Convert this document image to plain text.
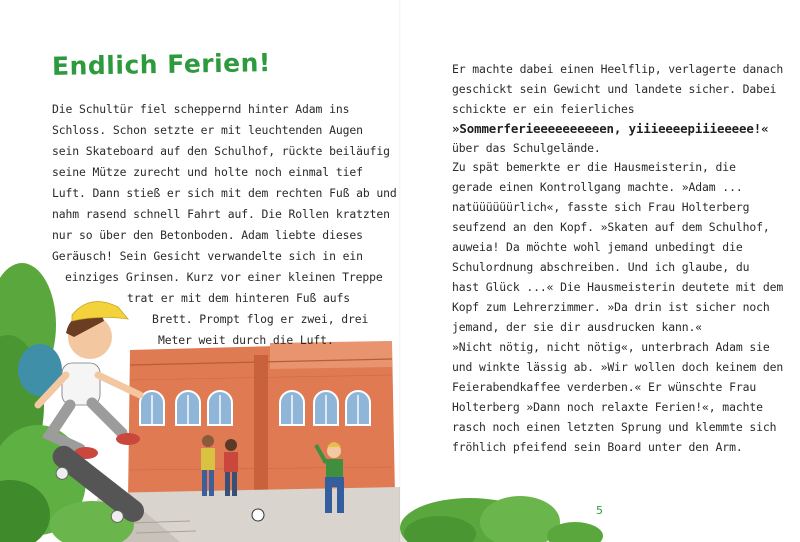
Endlich Ferien!
Die Schultür fiel scheppernd hinter Adam ins
Schloss. Schon setzte er mit leuchtenden Augen
sein Skateboard auf den Schulhof, rückte beiläufig
seine Mütze zurecht und holte noch einmal tief
Luft. Dann stieß er sich mit dem rechten Fuß ab und
nahm rasend schnell Fahrt auf. Die Rollen kratzten
nur so über den Betonboden. Adam liebte dieses
Geräusch! Sein Gesicht verwandelte sich in ein
einziges Grinsen. Kurz vor einer kleinen Treppe
trat er mit dem hinteren Fuß aufs
Brett. Prompt flog er zwei, drei
Meter weit durch die Luft.
Er machte dabei einen Heelflip, verlagerte danach
geschickt sein Gewicht und landete sicher. Dabei
schickte er ein feierliches
»Sommerferieeeeeeeeeen, yiiieeeepiiieeeee!«
über das Schulgelände.
Zu spät bemerkte er die Hausmeisterin, die
gerade einen Kontrollgang machte. »Adam ...
natüüüüüürlich«, fasste sich Frau Holterberg
seufzend an den Kopf. »Skaten auf dem Schulhof,
auweia! Da möchte wohl jemand unbedingt die
Schulordnung abschreiben. Und ich glaube, du
hast Glück ...« Die Hausmeisterin deutete mit dem
Kopf zum Lehrerzimmer. »Da drin ist sicher noch
jemand, der sie dir ausdrucken kann.«
»Nicht nötig, nicht nötig«, unterbrach Adam sie
und winkte lässig ab. »Wir wollen doch keinem den
Feierabendkaffee verderben.« Er wünschte Frau
Holterberg »Dann noch relaxte Ferien!«, machte
rasch noch einen letzten Sprung und klemmte sich
fröhlich pfeifend sein Board unter den Arm.
5
